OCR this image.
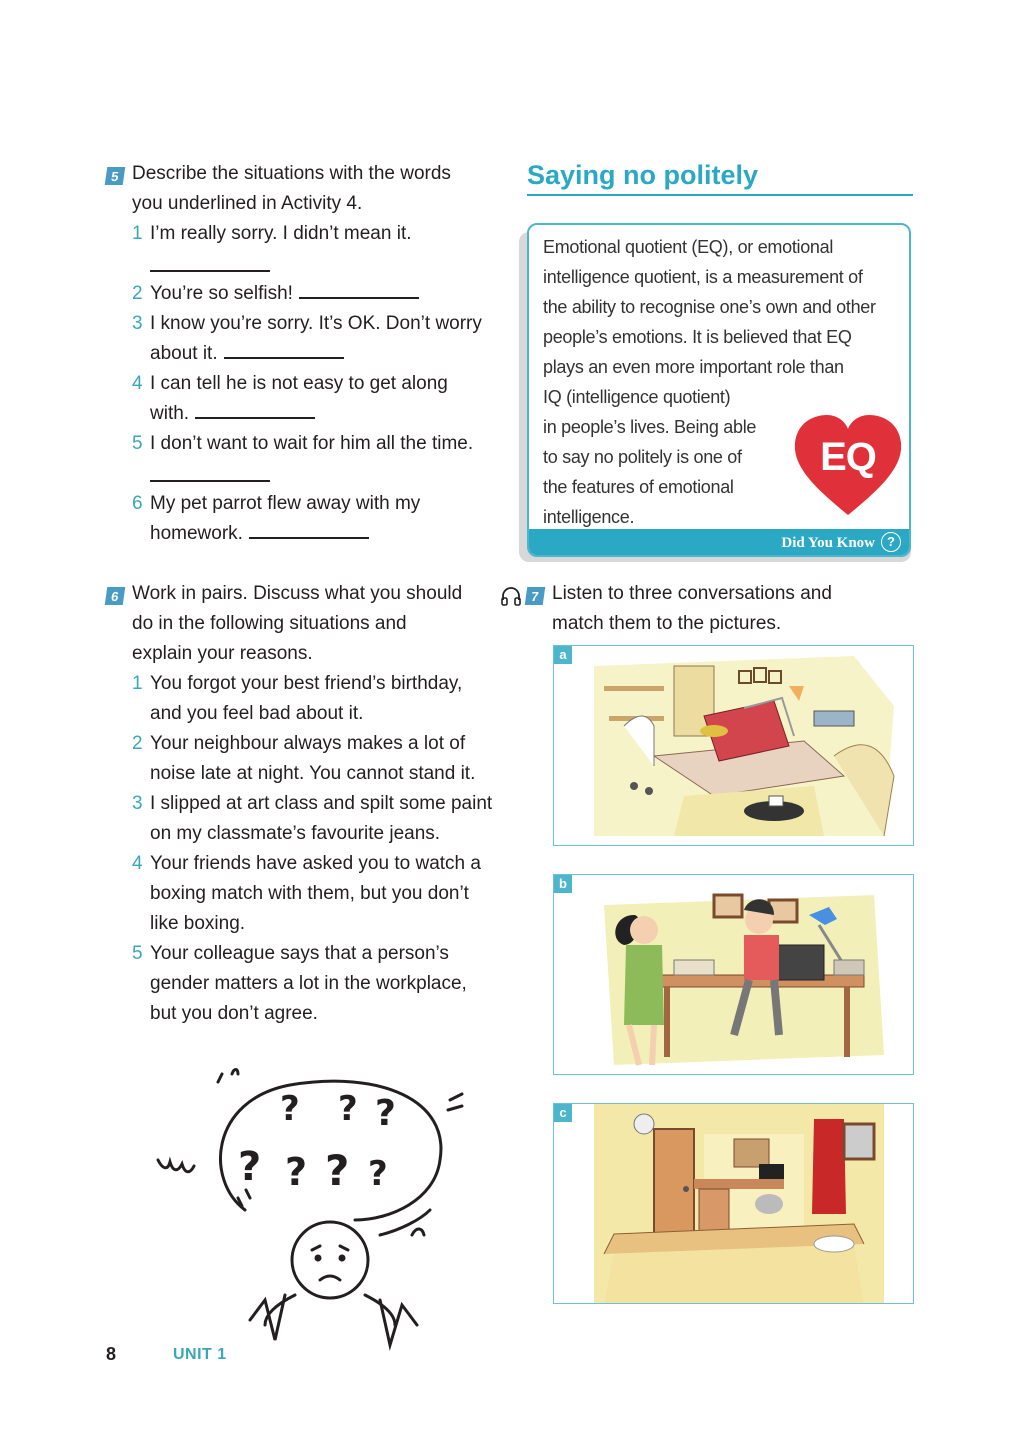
5 Describe the situations with the words
you underlined in Activity 4.
1 I’m really sorry. I didn’t mean it.
2 You’re so selfish!
3 I know you’re sorry. It’s OK. Don’t worry
about it.
4 I can tell he is not easy to get along
with.
5 I don’t want to wait for him all the time.
6 My pet parrot flew away with my
homework.
Saying no politely
Emotional quotient (EQ), or emotional
intelligence quotient, is a measurement of
the ability to recognise one’s own and other
people’s emotions. It is believed that EQ
plays an even more important role than
IQ (intelligence quotient)
in people’s lives. Being able
to say no politely is one of
the features of emotional
intelligence.
EQ
Did You Know ?
6 Work in pairs. Discuss what you should
do in the following situations and
explain your reasons.
1 You forgot your best friend’s birthday,
and you feel bad about it.
2 Your neighbour always makes a lot of
noise late at night. You cannot stand it.
3 I slipped at art class and spilt some paint
on my classmate’s favourite jeans.
4 Your friends have asked you to watch a
boxing match with them, but you don’t
like boxing.
5 Your colleague says that a person’s
gender matters a lot in the workplace,
but you don’t agree.
? ? ?
? ? ? ?
7 Listen to three conversations and
match them to the pictures.
a
b
c
8	UNIT 1
